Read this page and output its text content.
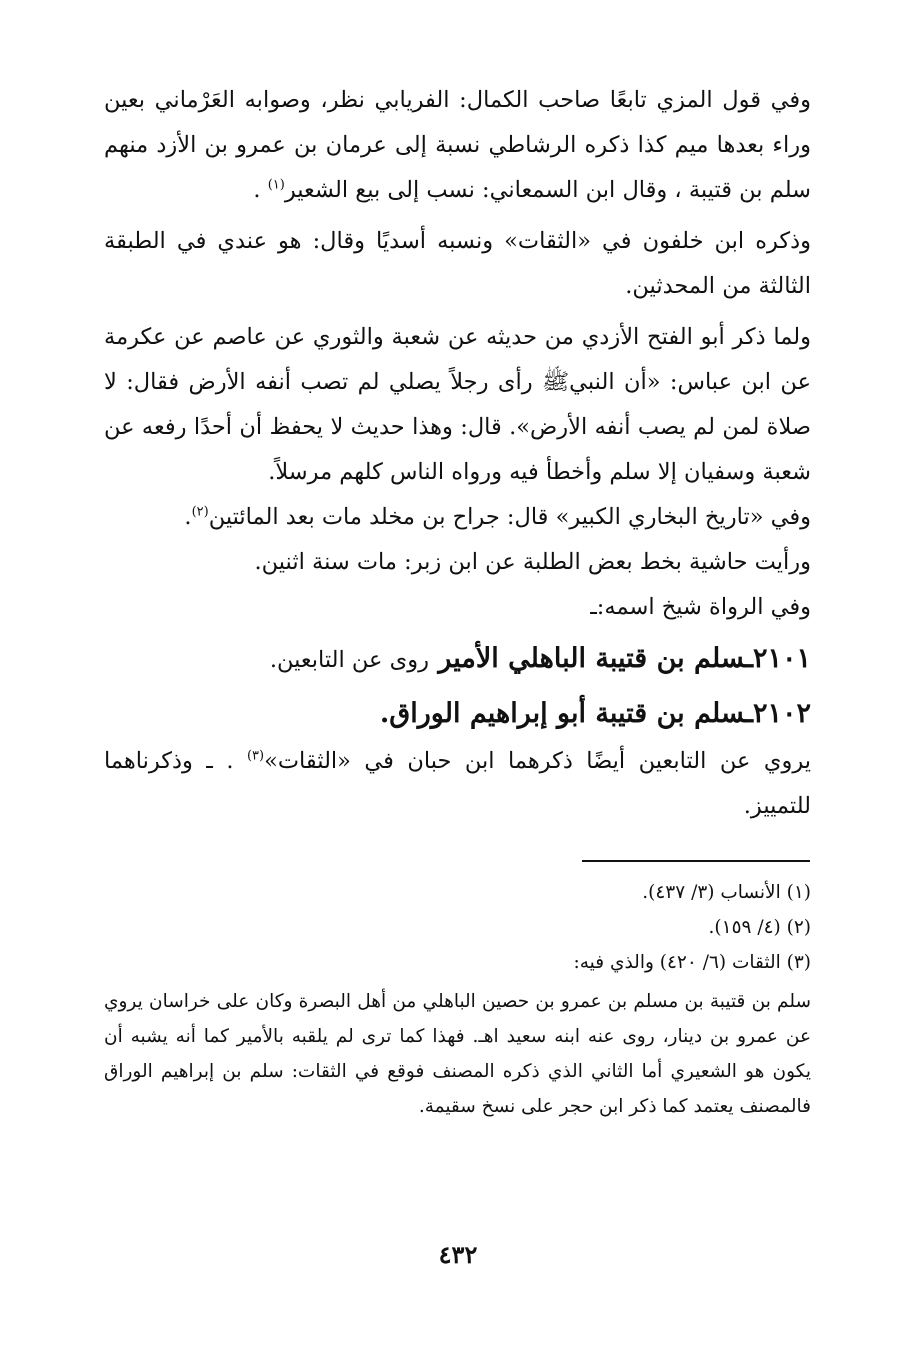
وفي قول المزي تابعًا صاحب الكمال: الفريابي نظر، وصوابه العَرْماني بعين وراء بعدها ميم كذا ذكره الرشاطي نسبة إلى عرمان بن عمرو بن الأزد منهم سلم بن قتيبة ، وقال ابن السمعاني: نسب إلى بيع الشعير$^{(١)}$ .

وذكره ابن خلفون في «الثقات» ونسبه أسديًا وقال: هو عندي في الطبقة الثالثة من المحدثين.

ولما ذكر أبو الفتح الأزدي من حديثه عن شعبة والثوري عن عاصم عن عكرمة عن ابن عباس: «أن النبيﷺ رأى رجلاً يصلي لم تصب أنفه الأرض فقال: لا صلاة لمن لم يصب أنفه الأرض». قال: وهذا حديث لا يحفظ أن أحدًا رفعه عن شعبة وسفيان إلا سلم وأخطأ فيه ورواه الناس كلهم مرسلاً.

وفي «تاريخ البخاري الكبير» قال: جراح بن مخلد مات بعد المائتين$^{(٢)}$.

ورأيت حاشية بخط بعض الطلبة عن ابن زبر: مات سنة اثنين.

وفي الرواة شيخ اسمه:ـ

٢١٠١ـسلم بن قتيبة الباهلي الأمير روى عن التابعين.

٢١٠٢ـسلم بن قتيبة أبو إبراهيم الوراق.

يروي عن التابعين أيضًا ذكرهما ابن حبان في «الثقات»$^{(٣)}$ . ـ وذكرناهما للتمييز.

(١) الأنساب (٣/ ٤٣٧).

(٢) (٤/ ١٥٩).

(٣) الثقات (٦/ ٤٢٠) والذي فيه:

سلم بن قتيبة بن مسلم بن عمرو بن حصين الباهلي من أهل البصرة وكان على خراسان يروي عن عمرو بن دينار، روى عنه ابنه سعيد اهـ. فهذا كما ترى لم يلقبه بالأمير كما أنه يشبه أن يكون هو الشعيري أما الثاني الذي ذكره المصنف فوقع في الثقات: سلم بن إبراهيم الوراق فالمصنف يعتمد كما ذكر ابن حجر على نسخ سقيمة.

٤٣٢
